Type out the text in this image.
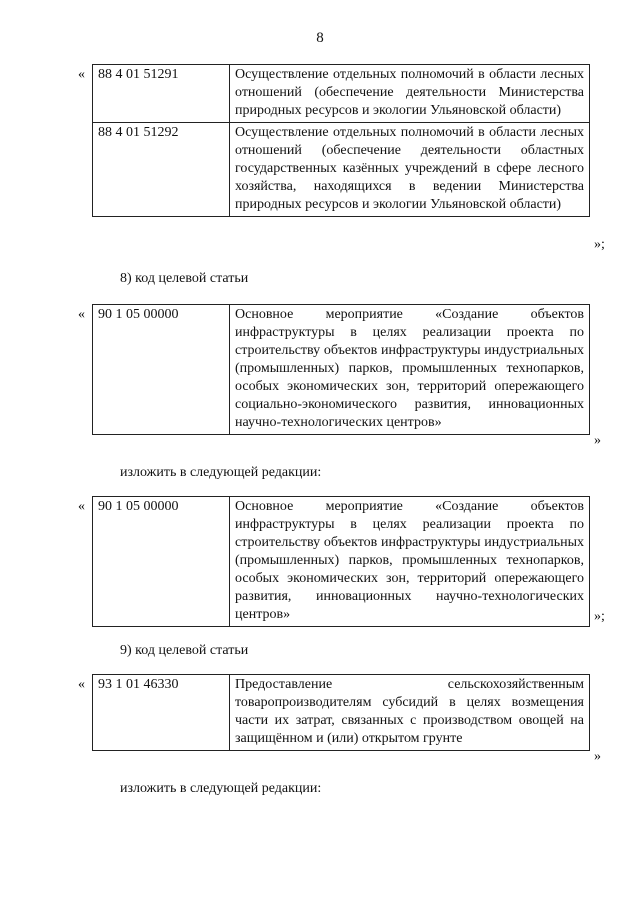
8
« 88 4 01 51291	Осуществление отдельных полномочий в области лесных отношений (обеспечение деятельности Министерства природных ресурсов и экологии Ульяновской области)
88 4 01 51292	Осуществление отдельных полномочий в области лесных отношений (обеспечение деятельности областных государственных казённых учреждений в сфере лесного хозяйства, находящихся в ведении Министерства природных ресурсов и экологии Ульяновской области)
»;
8) код целевой статьи
« 90 1 05 00000	Основное мероприятие «Создание объектов инфраструктуры в целях реализации проекта по строительству объектов инфраструктуры индустриальных (промышленных) парков, промышленных технопарков, особых экономических зон, территорий опережающего социально-экономического развития, инновационных научно-технологических центров»
»
изложить в следующей редакции:
« 90 1 05 00000	Основное мероприятие «Создание объектов инфраструктуры в целях реализации проекта по строительству объектов инфраструктуры индустриальных (промышленных) парков, промышленных технопарков, особых экономических зон, территорий опережающего развития, инновационных научно-технологических центров»	»;
9) код целевой статьи
« 93 1 01 46330	Предоставление сельскохозяйственным товаропроизводителям субсидий в целях возмещения части их затрат, связанных с производством овощей на защищённом и (или) открытом грунте
»
изложить в следующей редакции:
